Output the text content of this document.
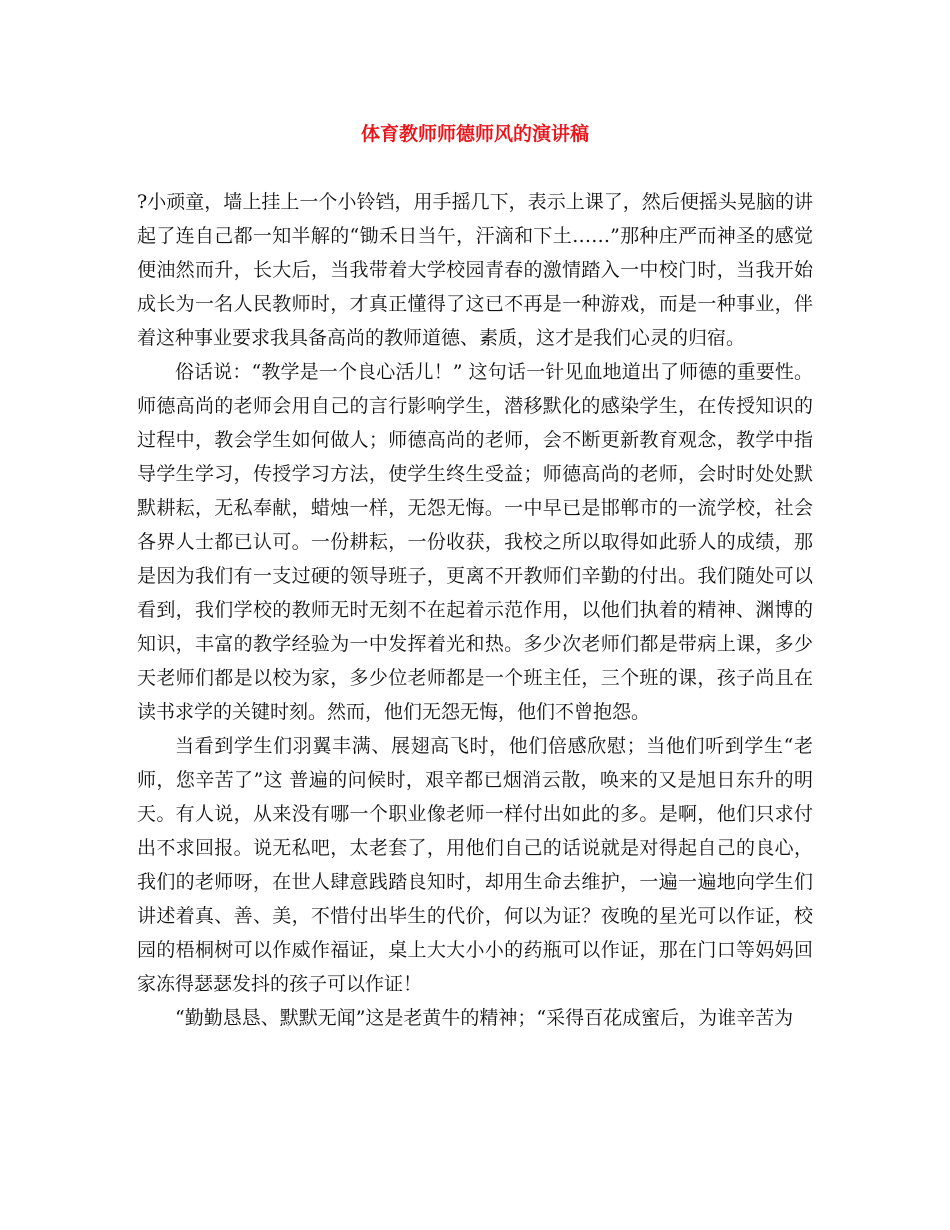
体育教师师德师风的演讲稿

?小顽童，墙上挂上一个小铃铛，用手摇几下，表示上课了，然后便摇头晃脑的讲起了连自己都一知半解的“锄禾日当午，汗滴和下土……”那种庄严而神圣的感觉便油然而升，长大后，当我带着大学校园青春的激情踏入一中校门时，当我开始成长为一名人民教师时，才真正懂得了这已不再是一种游戏，而是一种事业，伴着这种事业要求我具备高尚的教师道德、素质，这才是我们心灵的归宿。

俗话说：“教学是一个良心活儿！” 这句话一针见血地道出了师德的重要性。师德高尚的老师会用自己的言行影响学生，潜移默化的感染学生，在传授知识的过程中，教会学生如何做人；师德高尚的老师，会不断更新教育观念，教学中指导学生学习，传授学习方法，使学生终生受益；师德高尚的老师，会时时处处默默耕耘，无私奉献，蜡烛一样，无怨无悔。一中早已是邯郸市的一流学校，社会各界人士都已认可。一份耕耘，一份收获，我校之所以取得如此骄人的成绩，那是因为我们有一支过硬的领导班子，更离不开教师们辛勤的付出。我们随处可以看到，我们学校的教师无时无刻不在起着示范作用，以他们执着的精神、渊博的知识，丰富的教学经验为一中发挥着光和热。多少次老师们都是带病上课，多少天老师们都是以校为家，多少位老师都是一个班主任，三个班的课，孩子尚且在读书求学的关键时刻。然而，他们无怨无悔，他们不曾抱怨。

当看到学生们羽翼丰满、展翅高飞时，他们倍感欣慰；当他们听到学生“老师，您辛苦了”这 普遍的问候时，艰辛都已烟消云散，唤来的又是旭日东升的明天。有人说，从来没有哪一个职业像老师一样付出如此的多。是啊，他们只求付出不求回报。说无私吧，太老套了，用他们自己的话说就是对得起自己的良心，我们的老师呀，在世人肆意践踏良知时，却用生命去维护，一遍一遍地向学生们讲述着真、善、美，不惜付出毕生的代价，何以为证？夜晚的星光可以作证，校园的梧桐树可以作威作福证，桌上大大小小的药瓶可以作证，那在门口等妈妈回家冻得瑟瑟发抖的孩子可以作证！

“勤勤恳恳、默默无闻”这是老黄牛的精神；“采得百花成蜜后，为谁辛苦为
